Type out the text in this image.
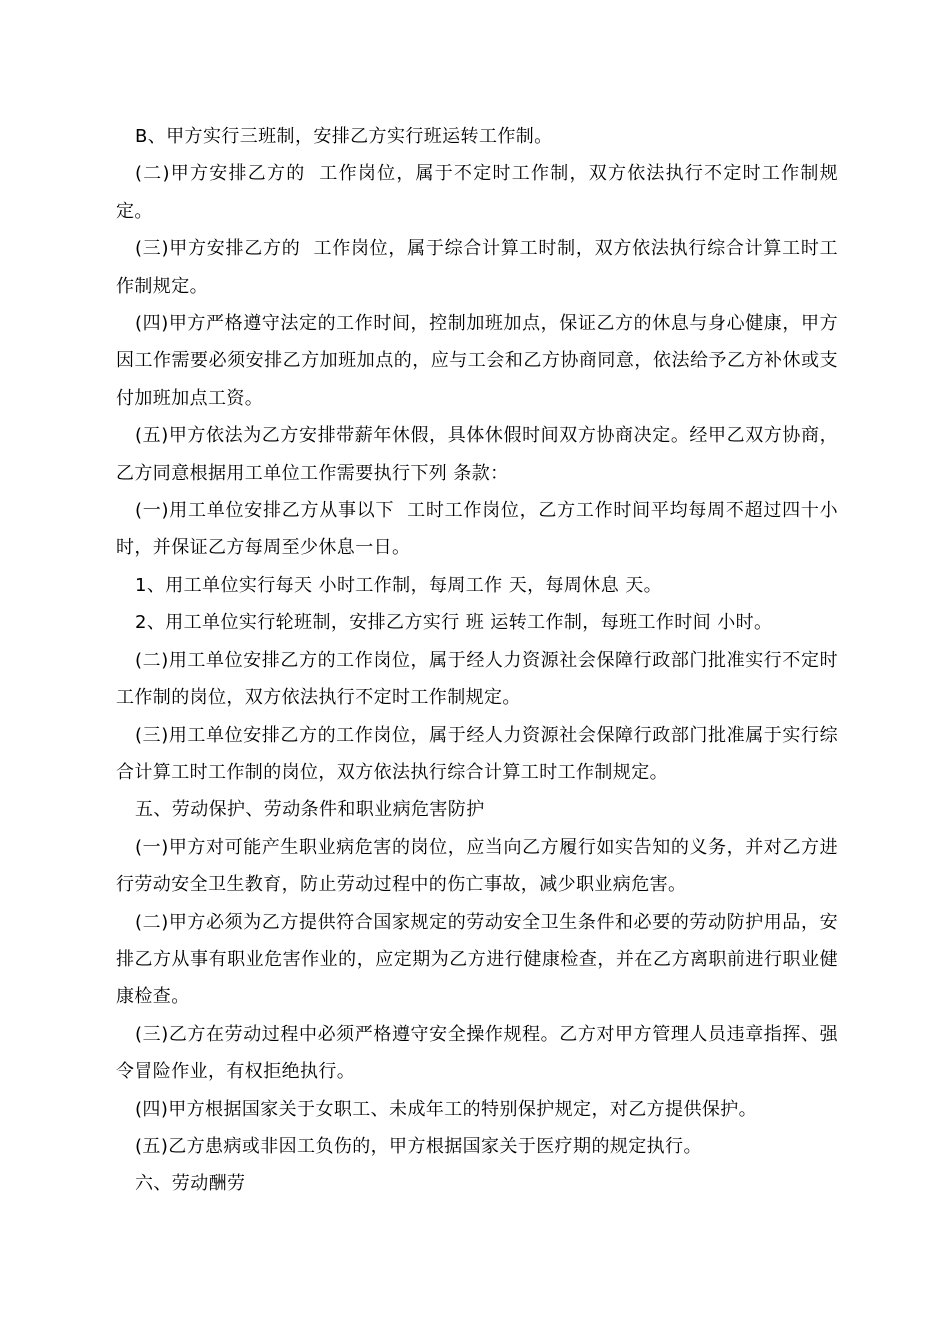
B、甲方实行三班制，安排乙方实行班运转工作制。

(二)甲方安排乙方的  工作岗位，属于不定时工作制，双方依法执行不定时工作制规定。

(三)甲方安排乙方的  工作岗位，属于综合计算工时制，双方依法执行综合计算工时工作制规定。

(四)甲方严格遵守法定的工作时间，控制加班加点，保证乙方的休息与身心健康，甲方因工作需要必须安排乙方加班加点的，应与工会和乙方协商同意，依法给予乙方补休或支付加班加点工资。

(五)甲方依法为乙方安排带薪年休假，具体休假时间双方协商决定。经甲乙双方协商，乙方同意根据用工单位工作需要执行下列 条款：

(一)用工单位安排乙方从事以下  工时工作岗位，乙方工作时间平均每周不超过四十小时，并保证乙方每周至少休息一日。

1、用工单位实行每天 小时工作制，每周工作 天，每周休息 天。

2、用工单位实行轮班制，安排乙方实行 班 运转工作制，每班工作时间 小时。

(二)用工单位安排乙方的工作岗位，属于经人力资源社会保障行政部门批准实行不定时工作制的岗位，双方依法执行不定时工作制规定。

(三)用工单位安排乙方的工作岗位，属于经人力资源社会保障行政部门批准属于实行综合计算工时工作制的岗位，双方依法执行综合计算工时工作制规定。

五、劳动保护、劳动条件和职业病危害防护

(一)甲方对可能产生职业病危害的岗位，应当向乙方履行如实告知的义务，并对乙方进行劳动安全卫生教育，防止劳动过程中的伤亡事故，减少职业病危害。

(二)甲方必须为乙方提供符合国家规定的劳动安全卫生条件和必要的劳动防护用品，安排乙方从事有职业危害作业的，应定期为乙方进行健康检查，并在乙方离职前进行职业健康检查。

(三)乙方在劳动过程中必须严格遵守安全操作规程。乙方对甲方管理人员违章指挥、强令冒险作业，有权拒绝执行。

(四)甲方根据国家关于女职工、未成年工的特别保护规定，对乙方提供保护。

(五)乙方患病或非因工负伤的，甲方根据国家关于医疗期的规定执行。

六、劳动酬劳
